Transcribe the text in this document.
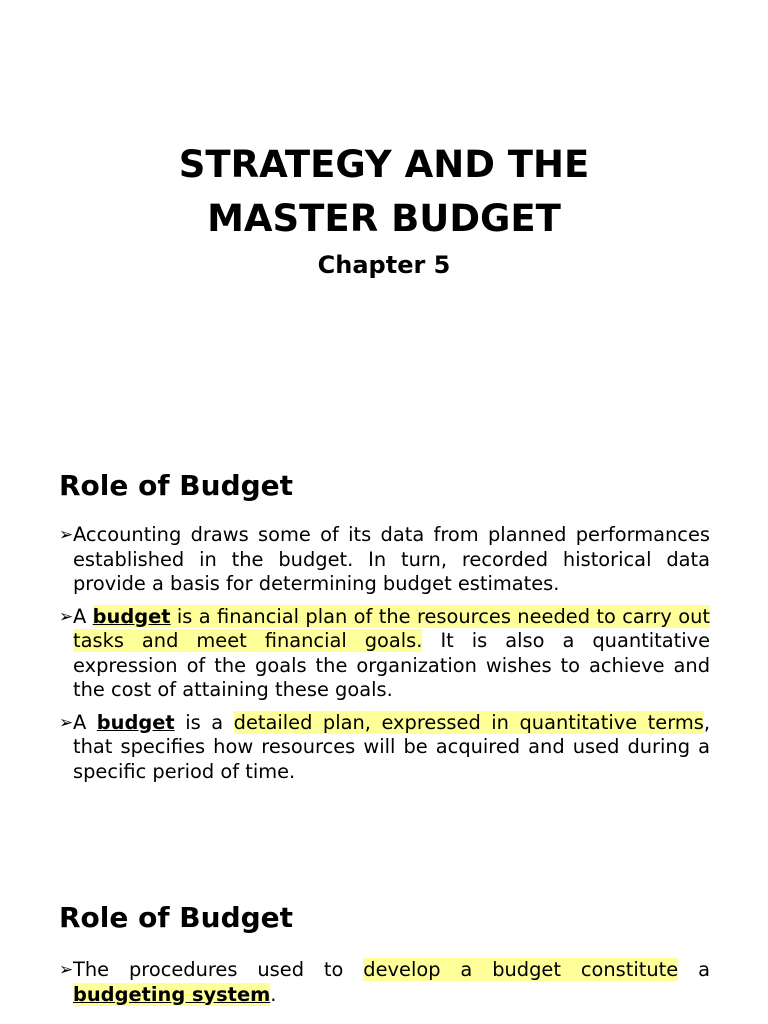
STRATEGY AND THE
MASTER BUDGET
Chapter 5
Role of Budget
➢ Accounting draws some of its data from planned performances established in the budget. In turn, recorded historical data provide a basis for determining budget estimates.

➢ A budget is a financial plan of the resources needed to carry out tasks and meet financial goals. It is also a quantitative expression of the goals the organization wishes to achieve and the cost of attaining these goals.

➢ A budget is a detailed plan, expressed in quantitative terms, that specifies how resources will be acquired and used during a specific period of time.

Role of Budget
➢ The procedures used to develop a budget constitute a budgeting system.
